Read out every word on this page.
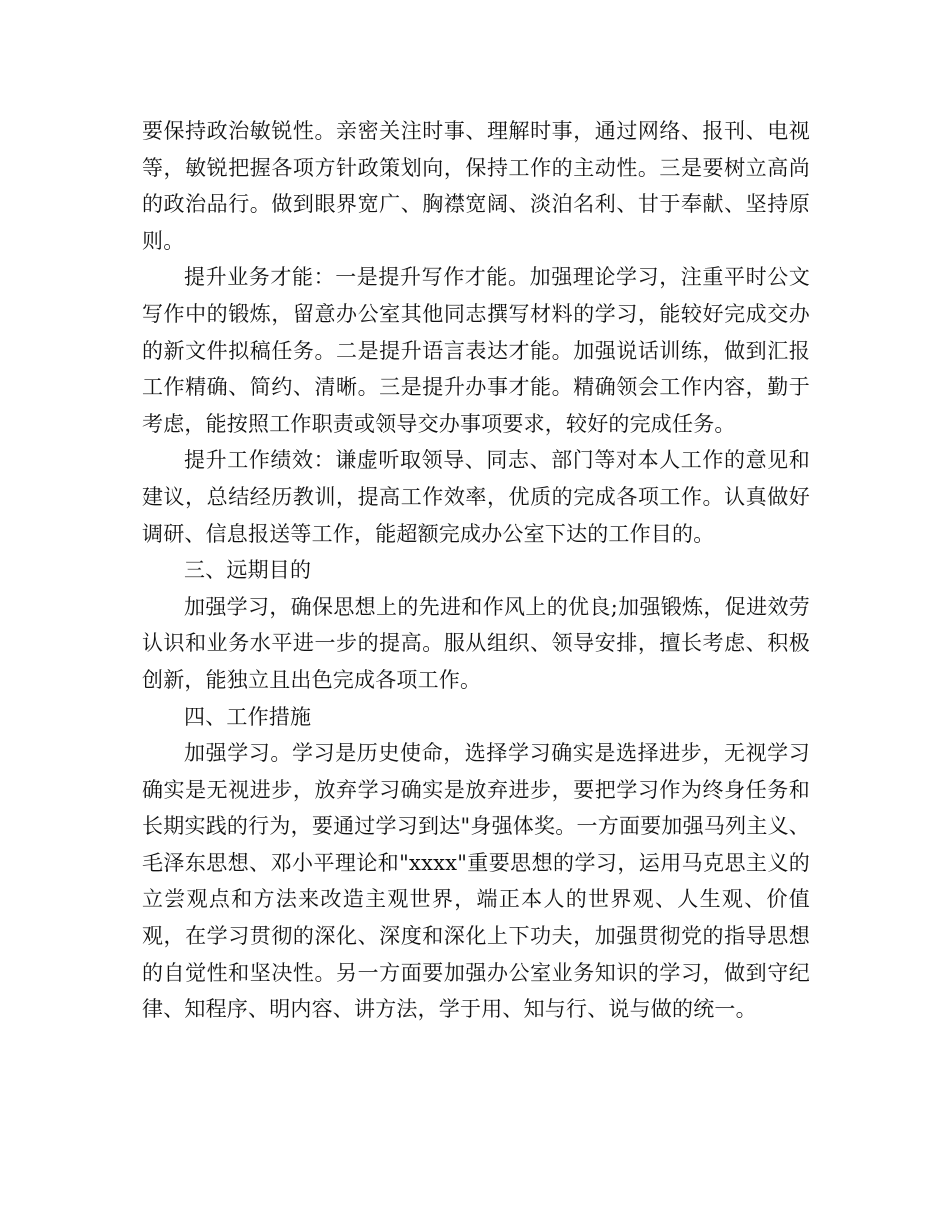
要保持政治敏锐性。亲密关注时事、理解时事，通过网络、报刊、电视等，敏锐把握各项方针政策划向，保持工作的主动性。三是要树立高尚的政治品行。做到眼界宽广、胸襟宽阔、淡泊名利、甘于奉献、坚持原则。

提升业务才能：一是提升写作才能。加强理论学习，注重平时公文写作中的锻炼，留意办公室其他同志撰写材料的学习，能较好完成交办的新文件拟稿任务。二是提升语言表达才能。加强说话训练，做到汇报工作精确、简约、清晰。三是提升办事才能。精确领会工作内容，勤于考虑，能按照工作职责或领导交办事项要求，较好的完成任务。

提升工作绩效：谦虚听取领导、同志、部门等对本人工作的意见和建议，总结经历教训，提高工作效率，优质的完成各项工作。认真做好调研、信息报送等工作，能超额完成办公室下达的工作目的。

三、远期目的

加强学习，确保思想上的先进和作风上的优良;加强锻炼，促进效劳认识和业务水平进一步的提高。服从组织、领导安排，擅长考虑、积极创新，能独立且出色完成各项工作。

四、工作措施

加强学习。学习是历史使命，选择学习确实是选择进步，无视学习确实是无视进步，放弃学习确实是放弃进步，要把学习作为终身任务和长期实践的行为，要通过学习到达"身强体奖。一方面要加强马列主义、毛泽东思想、邓小平理论和"xxxx"重要思想的学习，运用马克思主义的立尝观点和方法来改造主观世界，端正本人的世界观、人生观、价值观，在学习贯彻的深化、深度和深化上下功夫，加强贯彻党的指导思想的自觉性和坚决性。另一方面要加强办公室业务知识的学习，做到守纪律、知程序、明内容、讲方法，学于用、知与行、说与做的统一。
